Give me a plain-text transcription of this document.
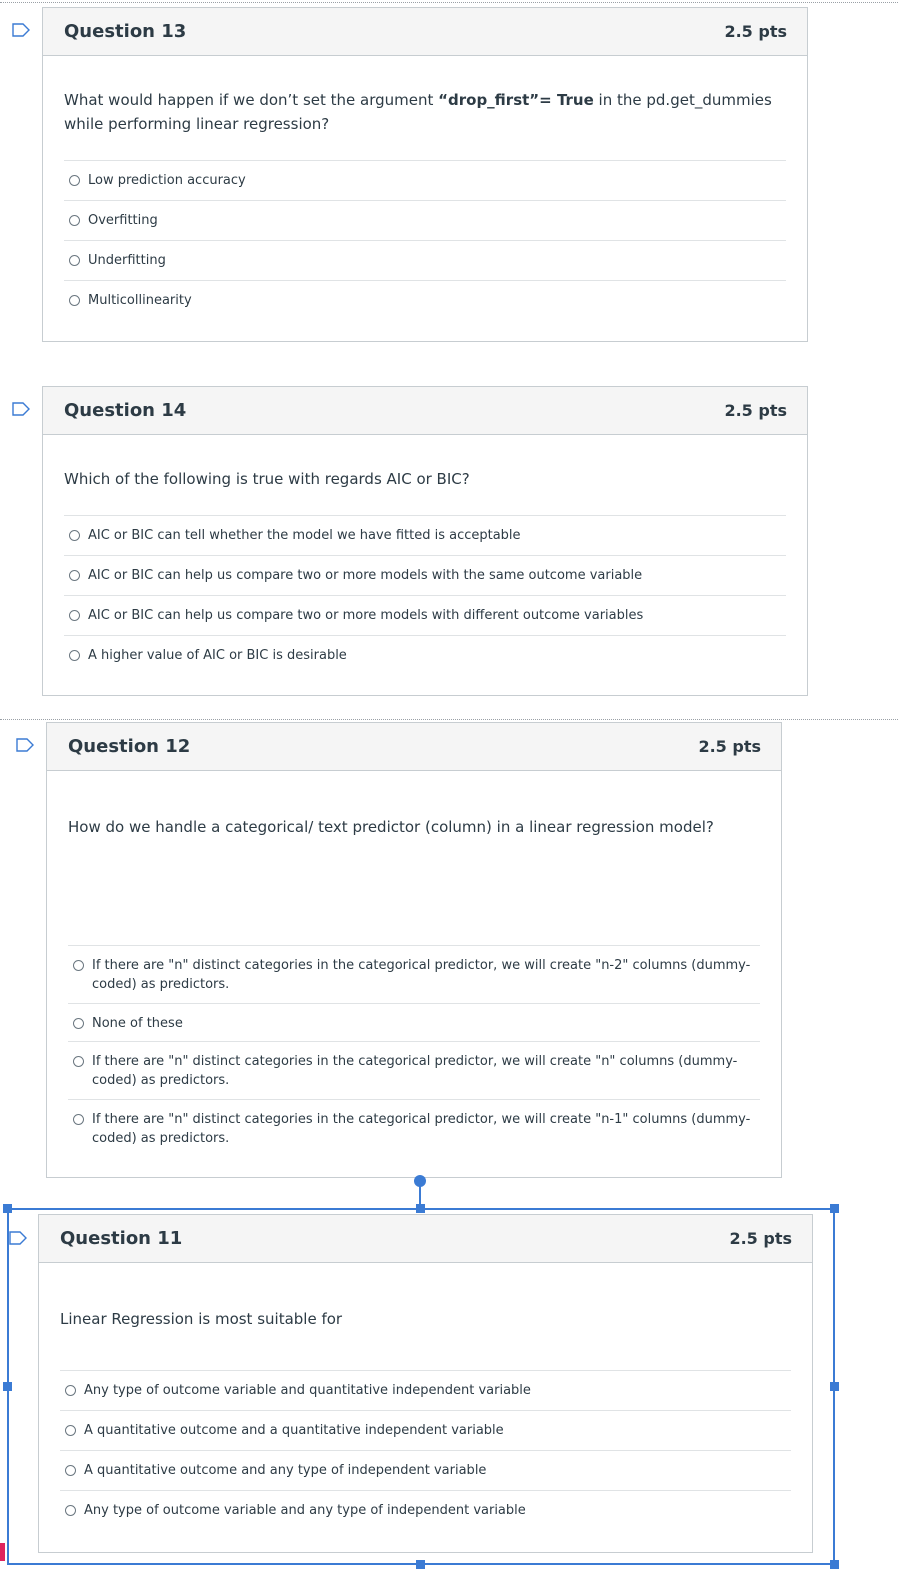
Question 13	2.5 pts
What would happen if we don’t set the argument “drop_first”= True in the pd.get_dummies while performing linear regression?
Low prediction accuracy
Overfitting
Underfitting
Multicollinearity
Question 14	2.5 pts
Which of the following is true with regards AIC or BIC?
AIC or BIC can tell whether the model we have fitted is acceptable
AIC or BIC can help us compare two or more models with the same outcome variable
AIC or BIC can help us compare two or more models with different outcome variables
A higher value of AIC or BIC is desirable
Question 12	2.5 pts
How do we handle a categorical/ text predictor (column) in a linear regression model?
If there are "n" distinct categories in the categorical predictor, we will create "n-2" columns (dummy-coded) as predictors.
None of these
If there are "n" distinct categories in the categorical predictor, we will create "n" columns (dummy-coded) as predictors.
If there are "n" distinct categories in the categorical predictor, we will create "n-1" columns (dummy-coded) as predictors.
Question 11	2.5 pts
Linear Regression is most suitable for
Any type of outcome variable and quantitative independent variable
A quantitative outcome and a quantitative independent variable
A quantitative outcome and any type of independent variable
Any type of outcome variable and any type of independent variable
